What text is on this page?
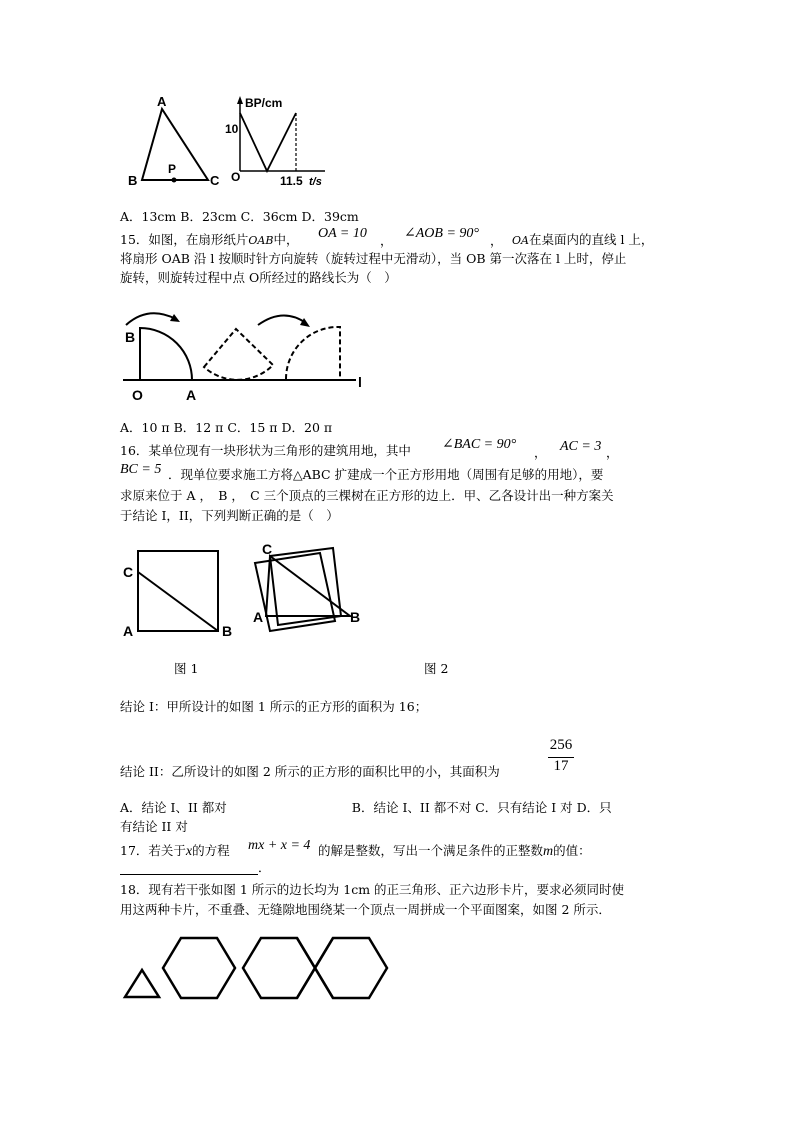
A
B	C
P
BP/cm
10
O	11.5 t/s
A．13cm B．23cm C．36cm D．39cm
15．如图，在扇形纸片OAB中， OA = 10 ， ∠AOB = 90° ， OA在桌面内的直线 l 上，
将扇形 OAB 沿 l 按顺时针方向旋转（旋转过程中无滑动），当 OB 第一次落在 l 上时，停止
旋转，则旋转过程中点 O所经过的路线长为（　）
B
O	A
l
A．10 π B．12 π C．15 π D．20 π
16．某单位现有一块形状为三角形的建筑用地，其中 ∠BAC = 90°
， AC = 3 ，
BC = 5 ．现单位要求施工方将△ABC 扩建成一个正方形用地（周围有足够的用地），要
求原来位于 A ，　B ，　C 三个顶点的三棵树在正方形的边上．甲、乙各设计出一种方案关
于结论 I，II，下列判断正确的是（　）
C
A	B
C
A	B
图 1	图 2
结论 I：甲所设计的如图 1 所示的正方形的面积为 16；
256
17
结论 II：乙所设计的如图 2 所示的正方形的面积比甲的小，其面积为
A．结论 I、II 都对　　　　　　　　　　B．结论 I、II 都不对 C．只有结论 I 对 D．只
有结论 II 对
17．若关于x的方程 mx + x = 4 的解是整数，写出一个满足条件的正整数m的值：
．
18．现有若干张如图 1 所示的边长均为 1cm 的正三角形、正六边形卡片，要求必须同时使
用这两种卡片，不重叠、无缝隙地围绕某一个顶点一周拼成一个平面图案，如图 2 所示．
